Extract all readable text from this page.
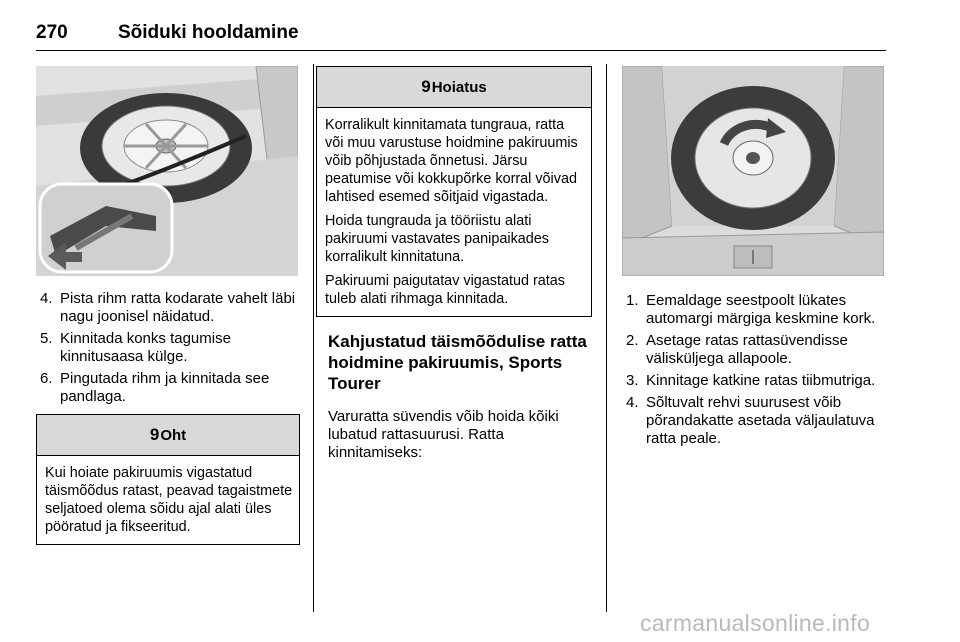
270	Sõiduki hooldamine
4. Pista rihm ratta kodarate vahelt läbi nagu joonisel näidatud.
5. Kinnitada konks tagumise kinnitusaasa külge.
6. Pingutada rihm ja kinnitada see pandlaga.
9 Oht

Kui hoiate pakiruumis vigastatud täismõõdus ratast, peavad tagaistmete seljatoed olema sõidu ajal alati üles pööratud ja fikseeritud.

9 Hoiatus

Korralikult kinnitamata tungraua, ratta või muu varustuse hoidmine pakiruumis võib põhjustada õnnetusi. Järsu peatumise või kokkupõrke korral võivad lahtised esemed sõitjaid vigastada.

Hoida tungrauda ja tööriistu alati pakiruumi vastavates panipaikades korralikult kinnitatuna.

Pakiruumi paigutatav vigastatud ratas tuleb alati rihmaga kinnitada.

Kahjustatud täismõõdulise ratta hoidmine pakiruumis, Sports Tourer
Varuratta süvendis võib hoida kõiki lubatud rattasuurusi. Ratta kinnitamiseks:
1. Eemaldage seestpoolt lükates automargi märgiga keskmine kork.
2. Asetage ratas rattasüvendisse välisküljega allapoole.
3. Kinnitage katkine ratas tiibmutriga.
4. Sõltuvalt rehvi suurusest võib põrandakatte asetada väljaulatuva ratta peale.
carmanualsonline.info
